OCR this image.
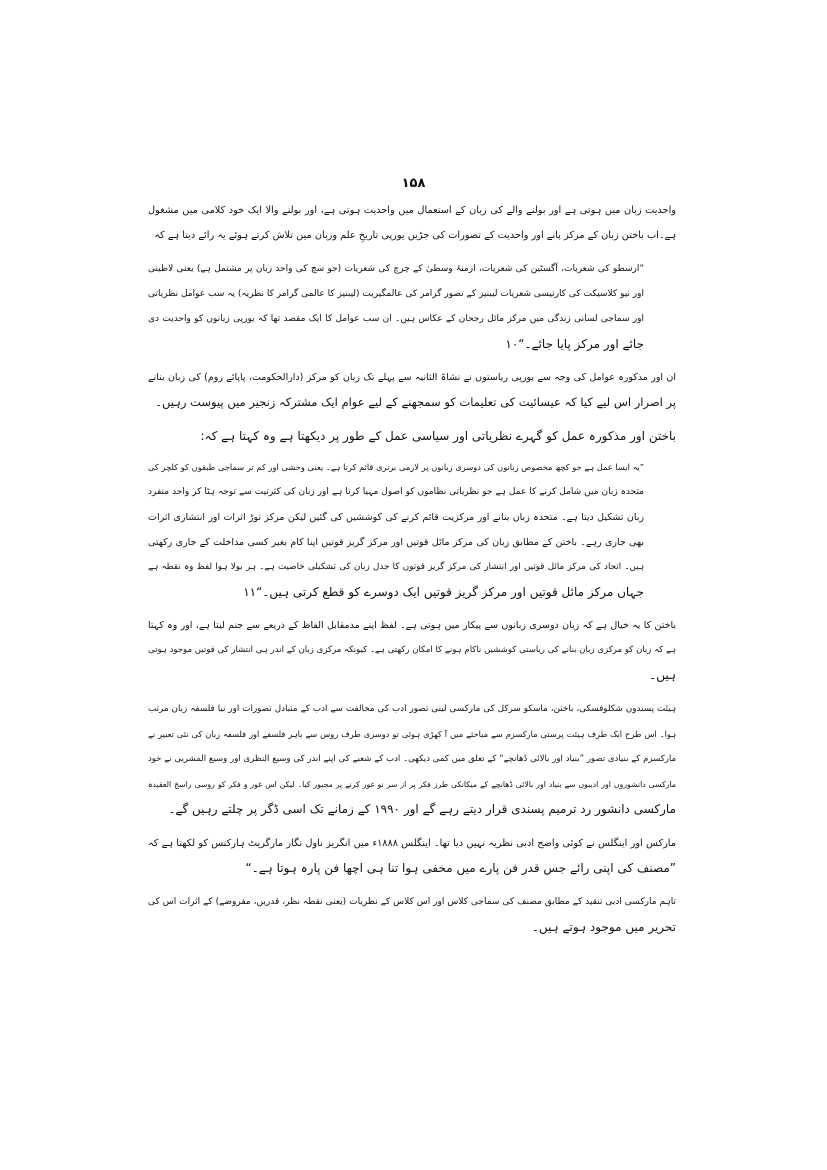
۱۵۸
واحدیت زبان میں ہوتی ہے اور بولنے والے کی زبان کے استعمال میں واحدیت ہوتی ہے، اور بولنے والا ایک خود کلامی میں مشغول
ہے۔اب باختن زبان کے مرکز پانے اور واحدیت کے تصورات کی جڑیں یورپی تاریخِ علم وزبان میں تلاش کرتے ہوئے یہ رائے دیتا ہے کہ
”ارسطو کی شعریات، آگسٹین کی شعریات، ازمنۂ وسطیٰ کے چرچ کی شعریات (جو سچ کی واحد زبان پر مشتمل ہے) یعنی لاطینی
اور نیو کلاسیکت کی کارتیسی شعریات لیبنیز کے تصور گرامر کی عالمگیریت (لیبنیز کا عالمی گرامر کا نظریہ) یہ سب عوامل نظریاتی
اور سماجی لسانی زندگی میں مرکز مائل رجحان کے عکاس ہیں۔ ان سب عوامل کا ایک مقصد تھا کہ یورپی زبانوں کو واحدیت دی
جائے اور مرکز پایا جائے۔“۱۰
ان اور مذکورہ عوامل کی وجہ سے یورپی ریاستوں نے نشاۃ الثانیہ سے پہلے تک زبان کو مرکز (دارالحکومت، پاپائے روم) کی زبان بنانے
پر اصرار اس لیے کیا کہ عیسائیت کی تعلیمات کو سمجھنے کے لیے عوام ایک مشترکہ زنجیر میں پیوست رہیں۔
باختن اور مذکورہ عمل کو گہرے نظریاتی اور سیاسی عمل کے طور پر دیکھتا ہے وہ کہتا ہے کہ:
”یہ ایسا عمل ہے جو کچھ مخصوص زبانوں کی دوسری زبانوں پر لازمی برتری قائم کرتا ہے۔ یعنی وحشی اور کم تر سماجی طبقوں کو کلچر کی
متحدہ زبان میں شامل کرنے کا عمل ہے جو نظریاتی نظاموں کو اصول مہیا کرتا ہے اور زبان کی کثرتیت سے توجہ ہٹا کر واحد منفرد
زبان تشکیل دیتا ہے۔ متحدہ زبان بنانے اور مرکزیت قائم کرنے کی کوششیں کی گئیں لیکن مرکز توڑ اثرات اور انتشاری اثرات
بھی جاری رہے۔ باختن کے مطابق زبان کی مرکز مائل قوتیں اور مرکز گریز قوتیں اپنا کام بغیر کسی مداخلت کے جاری رکھتی
ہیں۔ اتحاد کی مرکز مائل قوتیں اور انتشار کی مرکز گریز قوتوں کا جدل زبان کی تشکیلی خاصیت ہے۔ ہر بولا ہوا لفظ وہ نقطہ ہے
جہاں مرکز مائل قوتیں اور مرکز گریز قوتیں ایک دوسرے کو قطع کرتی ہیں۔“۱۱
باختن کا یہ خیال ہے کہ زبان دوسری زبانوں سے پیکار میں ہوتی ہے۔ لفظ اپنے مدمقابل الفاظ کے ذریعے سے جنم لیتا ہے، اور وہ کہتا
ہے کہ زبان کو مرکزی زبان بنانے کی ریاستی کوششیں ناکام ہونے کا امکان رکھتی ہے۔ کیونکہ مرکزی زبان کے اندر ہی انتشار کی قوتیں موجود ہوتی
ہیں۔
ہیئت پسندوں شکلوفسکی، باختن، ماسکو سرکل کی مارکسی لینی تصور ادب کی مخالفت سے ادب کے متبادل تصورات اور نیا فلسفہ زبان مرتب
ہوا۔ اس طرح ایک طرف ہیئت پرستی مارکسزم سے مباحثے میں آ کھڑی ہوئی تو دوسری طرف روس سے باہر فلسفے اور فلسفہ زبان کی نئی تعبیر نے
مارکسزم کے بنیادی تصور ”بنیاد اور بالائی ڈھانچے“ کے تعلق میں کمی دیکھی۔ ادب کے شعبے کی اپنے اندر کی وسیع النظری اور وسیع المشربی نے خود
مارکسی دانشوروں اور ادیبوں سے بنیاد اور بالائی ڈھانچے کے میکانکی طرز فکر پر از سر نو غور کرنے پر مجبور کیا۔ لیکن اس غور و فکر کو روسی راسخ العقیدہ
مارکسی دانشور رد ترمیم پسندی قرار دیتے رہے گے اور ۱۹۹۰ کے زمانے تک اسی ڈگر پر چلتے رہیں گے۔
مارکس اور اینگلس نے کوئی واضح ادبی نظریہ نہیں دیا تھا۔ اینگلس ۱۸۸۸ء میں انگریز ناول نگار مارگریٹ ہارکنس کو لکھتا ہے کہ
”مصنف کی اپنی رائے جس قدر فن پارے میں مخفی ہوا تنا ہی اچھا فن پارہ ہوتا ہے۔“
تاہم مارکسی ادبی تنقید کے مطابق مصنف کی سماجی کلاس اور اس کلاس کے نظریات (یعنی نقطہ نظر، قدریں، مفروضے) کے اثرات اس کی
تحریر میں موجود ہوتے ہیں۔
